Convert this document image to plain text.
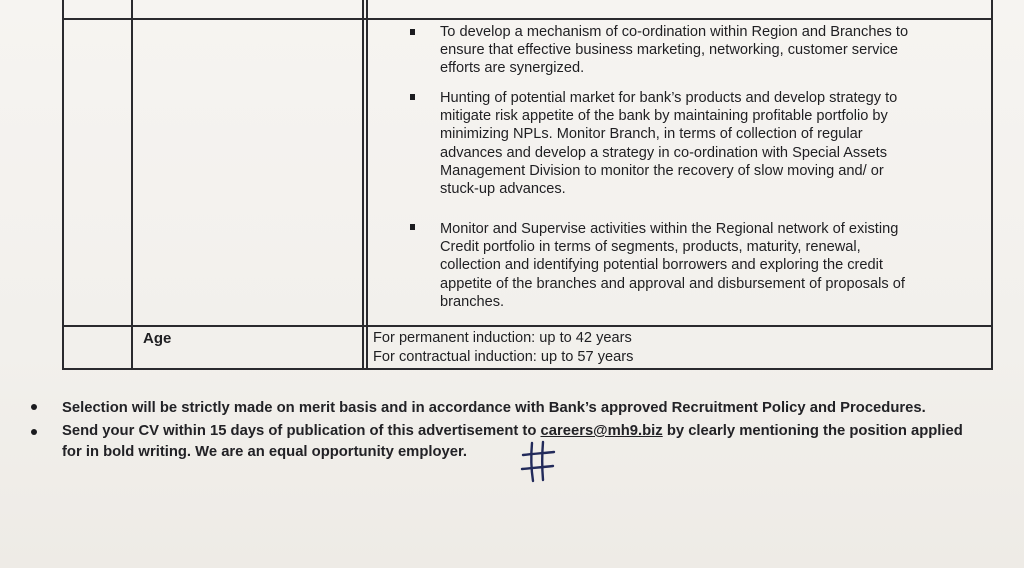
To develop a mechanism of co-ordination within Region and Branches to
ensure that effective business marketing, networking, customer service
efforts are synergized.
Hunting of potential market for bank’s products and develop strategy to
mitigate risk appetite of the bank by maintaining profitable portfolio by
minimizing NPLs. Monitor Branch, in terms of collection of regular
advances and develop a strategy in co-ordination with Special Assets
Management Division to monitor the recovery of slow moving and/ or
stuck-up advances.
Monitor and Supervise activities within the Regional network of existing
Credit portfolio in terms of segments, products, maturity, renewal,
collection and identifying potential borrowers and exploring the credit
appetite of the branches and approval and disbursement of proposals of
branches.
Age	For permanent induction: up to 42 years
For contractual induction: up to 57 years
Selection will be strictly made on merit basis and in accordance with Bank’s approved Recruitment Policy and Procedures.
Send your CV within 15 days of publication of this advertisement to careers@mh9.biz by clearly mentioning the position applied
for in bold writing. We are an equal opportunity employer.
